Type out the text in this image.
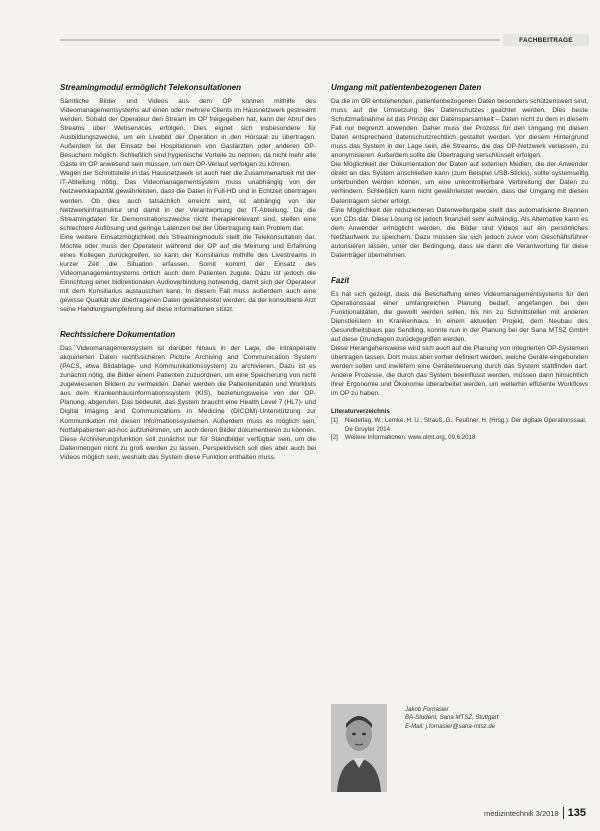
FACHBEITRAGE
Streamingmodul ermöglicht Telekonsultationen

Sämtliche Bilder und Videos aus dem OP können mithilfe des Videomanagementsystems auf einen oder mehrere Clients im Hausnetzwerk gestreamt werden. Sobald der Operateur den Stream im OP freigegeben hat, kann der Abruf des Streams über Webservices erfolgen. Dies eignet sich insbesondere für Ausbildungszwecke, um ein Livebild der Operation in den Hörsaal zu übertragen. Außerdem ist der Einsatz bei Hospitationen von Gastärzten oder anderen OP-Besuchern möglich. Schließlich sind hygienische Vorteile zu nennen, da nicht mehr alle Gäste im OP anwesend sein müssen, um den OP-Verlauf verfolgen zu können.

Wegen der Schnittstelle in das Hausnetzwerk ist auch hier die Zusammenarbeit mit der IT-Abteilung nötig. Das Videomanagementsystem muss unabhängig von der Netzwerkkapazität gewährleisten, dass die Daten in Full-HD und in Echtzeit übertragen werden. Ob dies auch tatsächlich erreicht wird, ist abhängig von der Netzwerkinfrastruktur und damit in der Verantwortung der IT-Abteilung. Da die Streamingdaten für Demonstrationszwecke nicht therapierelevant sind, stellen eine schlechtere Auflösung und geringe Latenzen bei der Übertragung kein Problem dar.

Eine weitere Einsatzmöglichkeit des Streamingmoduls stellt die Telekonsultation dar. Möchte oder muss der Operateur während der OP auf die Meinung und Erfahrung eines Kollegen zurückgreifen, so kann der Konsiliarius mithilfe des Livestreams in kurzer Zeit die Situation erfassen. Somit kommt der Einsatz des Videomanagementsystems örtlich auch dem Patienten zugute. Dazu ist jedoch die Einrichtung einer bidirektionalen Audioverbindung notwendig, damit sich der Operateur mit dem Konsiliarius austauschen kann. In diesem Fall muss außerdem auch eine gewisse Qualität der übertragenen Daten gewährleistet werden, da der konsultierte Arzt seine Handlungsempfehlung auf diese Informationen stützt.

Rechtssichere Dokumentation

Das Videomanagementsystem ist darüber hinaus in der Lage, die intraoperativ akquirierten Daten rechtssicheren Picture Archiving and Communication System (PACS, etwa Bildablage- und Kommunikationssystem) zu archivieren. Dazu ist es zunächst nötig, die Bilder einem Patienten zuzuordnen, um eine Speicherung von nicht zugewiesenen Bildern zu vermeiden. Daher werden die Patientendaten und Worklists aus dem Krankenhausinformationssystem (KIS), beziehungsweise von der OP-Planung, abgerufen. Das bedeutet, das System braucht eine Health Level 7 (HL7)- und Digital Imaging and Communications in Medicine (DICOM)-Unterstützung zur Kommunikation mit diesen Informationssystemen. Außerdem muss es möglich sein, Notfallpatienten ad-hoc aufzunehmen, um auch deren Bilder dokumentieren zu können.

Diese Archivierungsfunktion soll zunächst nur für Standbilder verfügbar sein, um die Datenmengen nicht zu groß werden zu lassen. Perspektivisch soll dies aber auch bei Videos möglich sein, weshalb das System diese Funktion enthalten muss.

Umgang mit patientenbezogenen Daten

Da die im OP entstehenden, patientenbezogenen Daten besonders schützenswert sind, muss auf die Umsetzung des Datenschutzes geachtet werden. Dies beste Schutzmaßnahme ist das Prinzip der Datensparsamkeit – Daten nicht zu dem in diesem Fall nur begrenzt anwenden. Daher muss der Prozess für den Umgang mit diesen Daten entsprechend datenschutzrechtlich gestaltet werden. Vor diesem Hintergrund muss das System in der Lage sein, die Streams, die das OP-Netzwerk verlassen, zu anonymisieren. Außerdem sollte die Übertragung verschlüsselt erfolgen.

Die Möglichkeit der Dokumentation der Daten auf externen Medien, die der Anwender direkt an das System anschließen kann (zum Beispiel USB-Sticks), sollte systemseitig unterbunden werden können, um eine unkontrollierbare Verbreitung der Daten zu verhindern. Schließlich kann nicht gewährleistet werden, dass der Umgang mit diesen Datenträgern sicher erfolgt.

Eine Möglichkeit der reduzierteren Datenweitergabe stellt das automatisierte Brennen von CDs dar. Diese Lösung ist jedoch finanziell sehr aufwändig. Als Alternative kann es dem Anwender ermöglicht werden, die Bilder und Videos auf ein persönliches Netzlaufwerk zu speichern. Dazu müssen sie sich jedoch zuvor vom Geschäftsführer autorisieren lassen, unter der Bedingung, dass sie dann die Verantwortung für diese Datenträger übernehmen.

Fazit

Es hat sich gezeigt, dass die Beschaffung eines Videomanagementsystems für den Operationssaal einer umfangreichen Planung bedarf, angefangen bei den Funktionalitäten, die gewollt werden sollen, bis hin zu Schnittstellen mit anderen Dienstleistern im Krankenhaus. In einem aktuellen Projekt, dem Neubau des Gesundheitsbaus pas Sendling, konnte nun in der Planung bei der Sana MTSZ GmbH auf diese Grundlagen zurückgegriffen werden.

Diese Herangehensweise wird sich auch auf die Planung von integrierten OP-Systemen übertragen lassen. Dort muss aber vorher definiert werden, welche Geräte eingebunden werden sollen und inwiefern eine Gerätesteuerung durch das System stattfinden darf. Andere Prozesse, die durch das System beeinflusst werden, müssen dann hinsichtlich ihrer Ergonomie und Ökonomie überarbeitet werden, um weiterhin effiziente Workflows im OP zu haben.

Literaturverzeichnis
[1]	Niederlag, W.; Lemke, H. U.; Strauß, G.; Feußner, H. (Hrsg.): Der digitale Operationssaal. De Gruyter 2014
[2]	Weitere Informationen: www.olmt.org, 09.6.2018
Jakob Fornasier
BA-Student, Sana MTSZ, Stuttgart
E-Mail: j.fornasier@sana-mtsz.de
medizintechnik 3/2018 135
